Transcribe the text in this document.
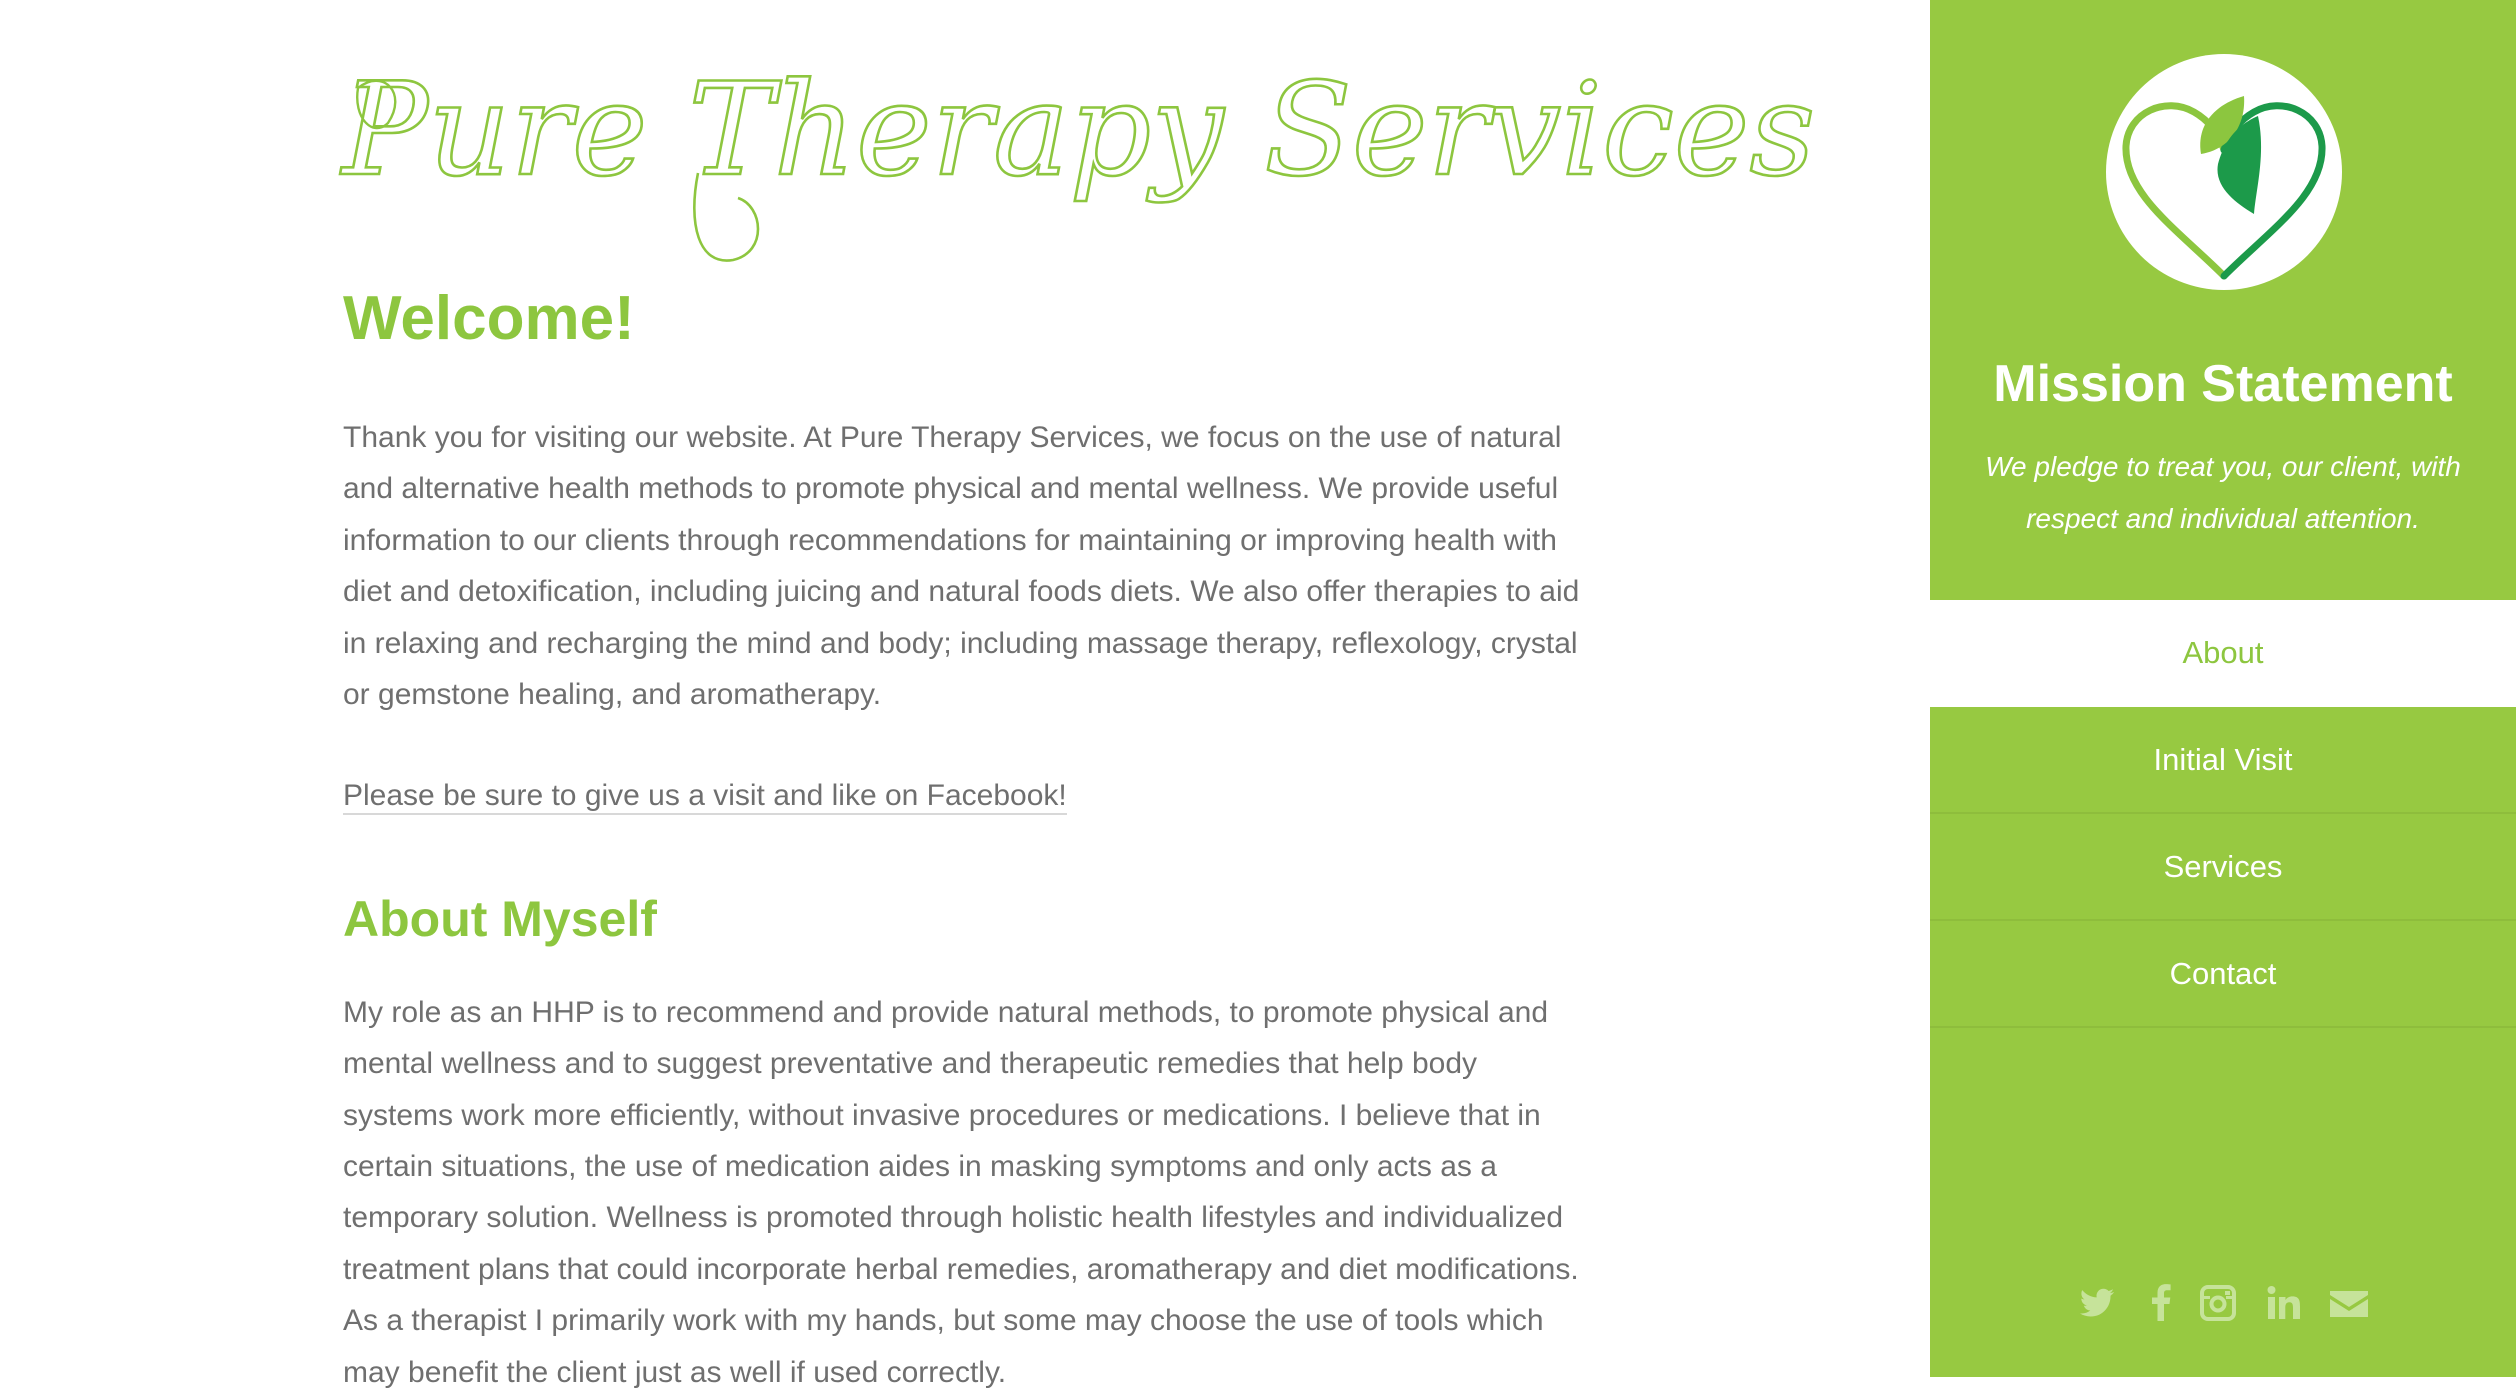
Pure Therapy Services
Welcome!

Thank you for visiting our website. At Pure Therapy Services, we focus on the use of natural and alternative health methods to promote physical and mental wellness. We provide useful information to our clients through recommendations for maintaining or improving health with diet and detoxification, including juicing and natural foods diets. We also offer therapies to aid in relaxing and recharging the mind and body; including massage therapy, reflexology, crystal or gemstone healing, and aromatherapy.

Please be sure to give us a visit and like on Facebook!

About Myself

My role as an HHP is to recommend and provide natural methods, to promote physical and mental wellness and to suggest preventative and therapeutic remedies that help body systems work more efficiently, without invasive procedures or medications. I believe that in certain situations, the use of medication aides in masking symptoms and only acts as a temporary solution. Wellness is promoted through holistic health lifestyles and individualized treatment plans that could incorporate herbal remedies, aromatherapy and diet modifications. As a therapist I primarily work with my hands, but some may choose the use of tools which may benefit the client just as well if used correctly.

Mission Statement
We pledge to treat you, our client, with respect and individual attention.
About
Initial Visit
Services
Contact
